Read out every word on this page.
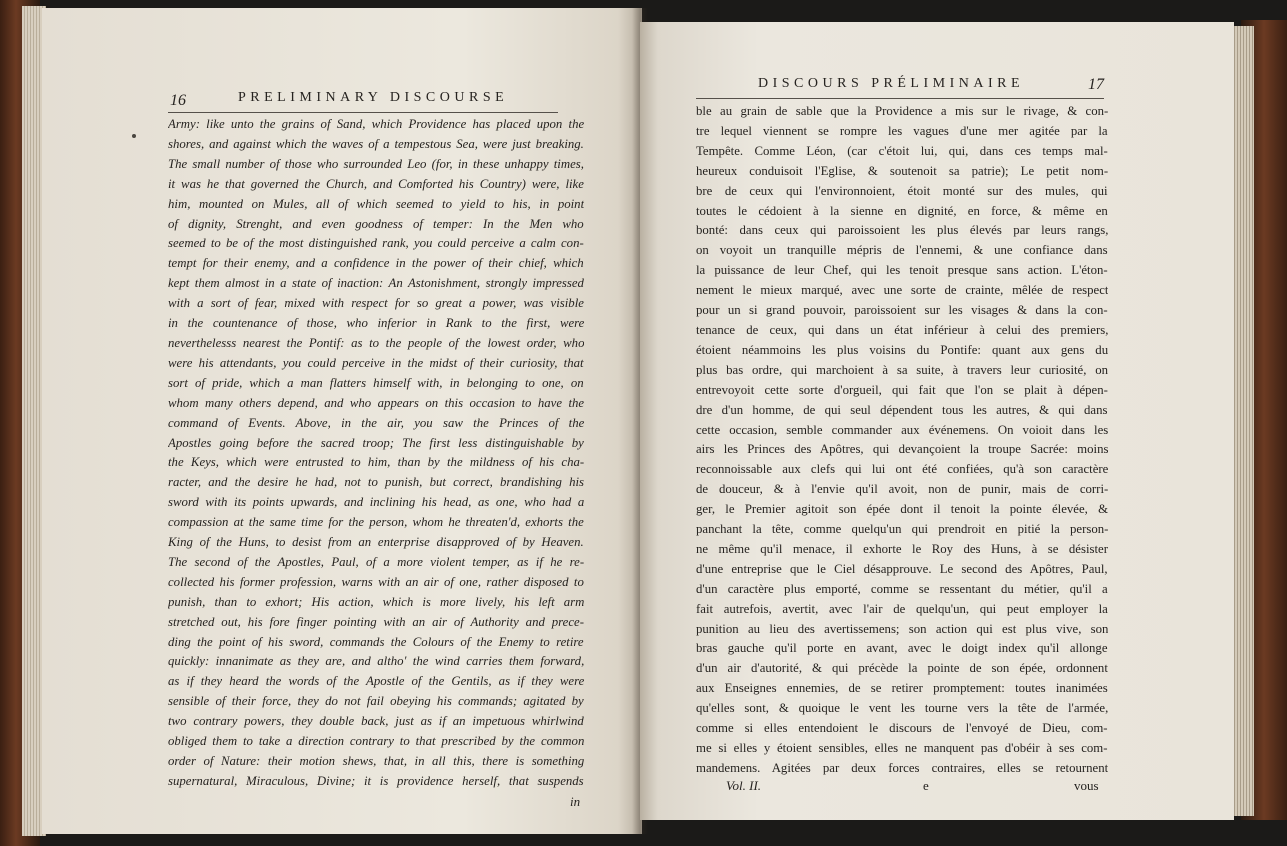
16	PRELIMINARY DISCOURSE
Army: like unto the grains of Sand, which Providence has placed upon the
shores, and against which the waves of a tempestous Sea, were just breaking.
The small number of those who surrounded Leo (for, in these unhappy times,
it was he that governed the Church, and Comforted his Country) were, like
him, mounted on Mules, all of which seemed to yield to his, in point
of dignity, Strenght, and even goodness of temper: In the Men who
seemed to be of the most distinguished rank, you could perceive a calm con-
tempt for their enemy, and a confidence in the power of their chief, which
kept them almost in a state of inaction: An Astonishment, strongly impressed
with a sort of fear, mixed with respect for so great a power, was visible
in the countenance of those, who inferior in Rank to the first, were
neverthelesss nearest the Pontif: as to the people of the lowest order, who
were his attendants, you could perceive in the midst of their curiosity, that
sort of pride, which a man flatters himself with, in belonging to one, on
whom many others depend, and who appears on this occasion to have the
command of Events. Above, in the air, you saw the Princes of the
Apostles going before the sacred troop; The first less distinguishable by
the Keys, which were entrusted to him, than by the mildness of his cha-
racter, and the desire he had, not to punish, but correct, brandishing his
sword with its points upwards, and inclining his head, as one, who had a
compassion at the same time for the person, whom he threaten'd, exhorts the
King of the Huns, to desist from an enterprise disapproved of by Heaven.
The second of the Apostles, Paul, of a more violent temper, as if he re-
collected his former profession, warns with an air of one, rather disposed to
punish, than to exhort; His action, which is more lively, his left arm
stretched out, his fore finger pointing with an air of Authority and prece-
ding the point of his sword, commands the Colours of the Enemy to retire
quickly: innanimate as they are, and altho' the wind carries them forward,
as if they heard the words of the Apostle of the Gentils, as if they were
sensible of their force, they do not fail obeying his commands; agitated by
two contrary powers, they double back, just as if an impetuous whirlwind
obliged them to take a direction contrary to that prescribed by the common
order of Nature: their motion shews, that, in all this, there is something
supernatural, Miraculous, Divine; it is providence herself, that suspends
in
DISCOURS PRÉLIMINAIRE	17
ble au grain de sable que la Providence a mis sur le rivage, & con-
tre lequel viennent se rompre les vagues d'une mer agitée par la
Tempête. Comme Léon, (car c'étoit lui, qui, dans ces temps mal-
heureux conduisoit l'Eglise, & soutenoit sa patrie); Le petit nom-
bre de ceux qui l'environnoient, étoit monté sur des mules, qui
toutes le cédoient à la sienne en dignité, en force, & même en
bonté: dans ceux qui paroissoient les plus élevés par leurs rangs,
on voyoit un tranquille mépris de l'ennemi, & une confiance dans
la puissance de leur Chef, qui les tenoit presque sans action. L'éton-
nement le mieux marqué, avec une sorte de crainte, mêlée de respect
pour un si grand pouvoir, paroissoient sur les visages & dans la con-
tenance de ceux, qui dans un état inférieur à celui des premiers,
étoient néammoins les plus voisins du Pontife: quant aux gens du
plus bas ordre, qui marchoient à sa suite, à travers leur curiosité, on
entrevoyoit cette sorte d'orgueil, qui fait que l'on se plait à dépen-
dre d'un homme, de qui seul dépendent tous les autres, & qui dans
cette occasion, semble commander aux événemens. On voioit dans les
airs les Princes des Apôtres, qui devançoient la troupe Sacrée: moins
reconnoissable aux clefs qui lui ont été confiées, qu'à son caractère
de douceur, & à l'envie qu'il avoit, non de punir, mais de corri-
ger, le Premier agitoit son épée dont il tenoit la pointe élevée, &
panchant la tête, comme quelqu'un qui prendroit en pitié la person-
ne même qu'il menace, il exhorte le Roy des Huns, à se désister
d'une entreprise que le Ciel désapprouve. Le second des Apôtres, Paul,
d'un caractère plus emporté, comme se ressentant du métier, qu'il a
fait autrefois, avertit, avec l'air de quelqu'un, qui peut employer la
punition au lieu des avertissemens; son action qui est plus vive, son
bras gauche qu'il porte en avant, avec le doigt index qu'il allonge
d'un air d'autorité, & qui précède la pointe de son épée, ordonnent
aux Enseignes ennemies, de se retirer promptement: toutes inanimées
qu'elles sont, & quoique le vent les tourne vers la tête de l'armée,
comme si elles entendoient le discours de l'envoyé de Dieu, com-
me si elles y étoient sensibles, elles ne manquent pas d'obéir à ses com-
mandemens. Agitées par deux forces contraires, elles se retournent
Vol. II.	e	vous
